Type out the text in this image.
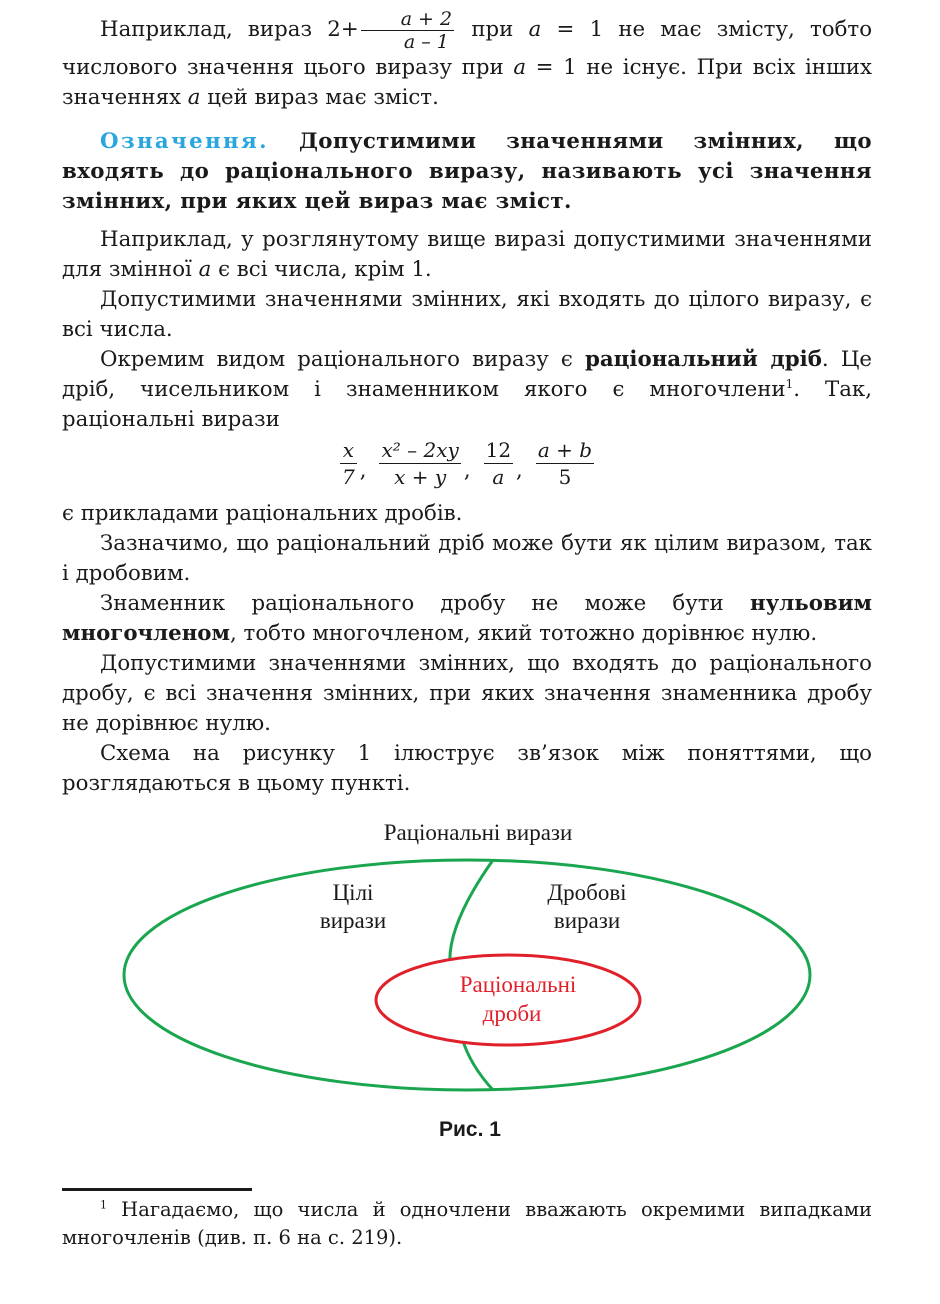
Наприклад, вираз $2+ \frac{a + 2}{a - 1}$ при a = 1 не має змісту, тобто числового значення цього виразу при a = 1 не існує. При всіх інших значеннях a цей вираз має зміст.

Означення. Допустимими значеннями змінних, що входять до раціонального виразу, називають усі значення змінних, при яких цей вираз має зміст.

Наприклад, у розглянутому вище виразі допустимими значеннями для змінної a є всі числа, крім 1.

Допустимими значеннями змінних, які входять до цілого виразу, є всі числа.

Окремим видом раціонального виразу є раціональний дріб. Це дріб, чисельником і знаменником якого є многочлени$^1$. Так, раціональні вирази

$\frac{x}{7}$ , $\frac{\text{x² – 2xy}}{x + y}$ , $\frac{12}{a}$ , $\frac{a + b}{5}$

є прикладами раціональних дробів.

Зазначимо, що раціональний дріб може бути як цілим виразом, так і дробовим.

Знаменник раціонального дробу не може бути нульовим многочленом, тобто многочленом, який тотожно дорівнює нулю.

Допустимими значеннями змінних, що входять до раціонального дробу, є всі значення змінних, при яких значення знаменника дробу не дорівнює нулю.

Схема на рисунку 1 ілюструє зв’язок між поняттями, що розглядаються в цьому пункті.

Раціональні вирази
Цілі
вирази
Дробові
вирази
Раціональні
дроби
Рис. 1

$^1$ Нагадаємо, що числа й одночлени вважають окремими випадками многочленів (див. п. 6 на с. 219).
